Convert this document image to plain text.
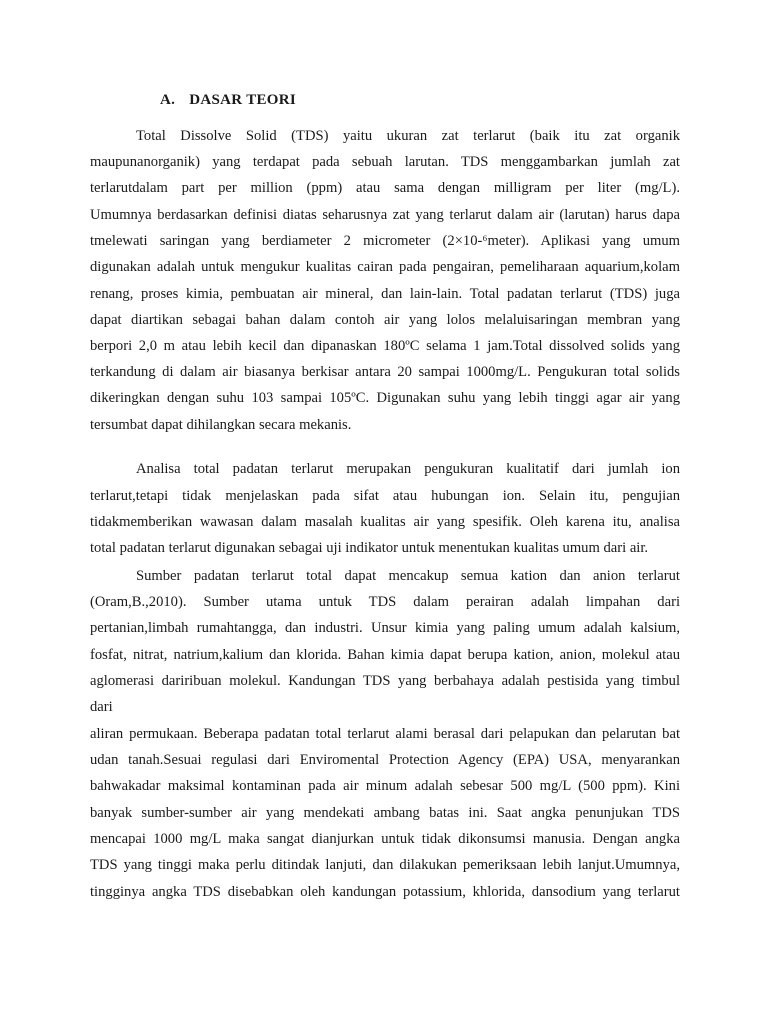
A. DASAR TEORI
Total Dissolve Solid (TDS) yaitu ukuran zat terlarut (baik itu zat organik
maupunanorganik) yang terdapat pada sebuah larutan. TDS menggambarkan jumlah zat
terlarutdalam part per million (ppm) atau sama dengan milligram per liter (mg/L).
Umumnya berdasarkan definisi diatas seharusnya zat yang terlarut dalam air (larutan) harus dapa
tmelewati saringan yang berdiameter 2 micrometer (2×10-⁶meter). Aplikasi yang umum
digunakan adalah untuk mengukur kualitas cairan pada pengairan, pemeliharaan aquarium,kolam
renang, proses kimia, pembuatan air mineral, dan lain-lain. Total padatan terlarut (TDS) juga
dapat diartikan sebagai bahan dalam contoh air yang lolos melaluisaringan membran yang
berpori 2,0 m atau lebih kecil dan dipanaskan 180ºC selama 1 jam.Total dissolved solids yang
terkandung di dalam air biasanya berkisar antara 20 sampai 1000mg/L. Pengukuran total solids
dikeringkan dengan suhu 103 sampai 105ºC. Digunakan suhu yang lebih tinggi agar air yang
tersumbat dapat dihilangkan secara mekanis.
Analisa total padatan terlarut merupakan pengukuran kualitatif dari jumlah ion
terlarut,tetapi tidak menjelaskan pada sifat atau hubungan ion. Selain itu, pengujian
tidakmemberikan wawasan dalam masalah kualitas air yang spesifik. Oleh karena itu, analisa
total padatan terlarut digunakan sebagai uji indikator untuk menentukan kualitas umum dari air.
Sumber padatan terlarut total dapat mencakup semua kation dan anion terlarut
(Oram,B.,2010). Sumber utama untuk TDS dalam perairan adalah limpahan dari
pertanian,limbah rumahtangga, dan industri. Unsur kimia yang paling umum adalah kalsium,
fosfat, nitrat, natrium,kalium dan klorida. Bahan kimia dapat berupa kation, anion, molekul atau
aglomerasi dariribuan molekul. Kandungan TDS yang berbahaya adalah pestisida yang timbul
dari
aliran permukaan. Beberapa padatan total terlarut alami berasal dari pelapukan dan pelarutan bat
udan tanah.Sesuai regulasi dari Enviromental Protection Agency (EPA) USA, menyarankan
bahwakadar maksimal kontaminan pada air minum adalah sebesar 500 mg/L (500 ppm). Kini
banyak sumber-sumber air yang mendekati ambang batas ini. Saat angka penunjukan TDS
mencapai 1000 mg/L maka sangat dianjurkan untuk tidak dikonsumsi manusia. Dengan angka
TDS yang tinggi maka perlu ditindak lanjuti, dan dilakukan pemeriksaan lebih lanjut.Umumnya,
tingginya angka TDS disebabkan oleh kandungan potassium, khlorida, dansodium yang terlarut
